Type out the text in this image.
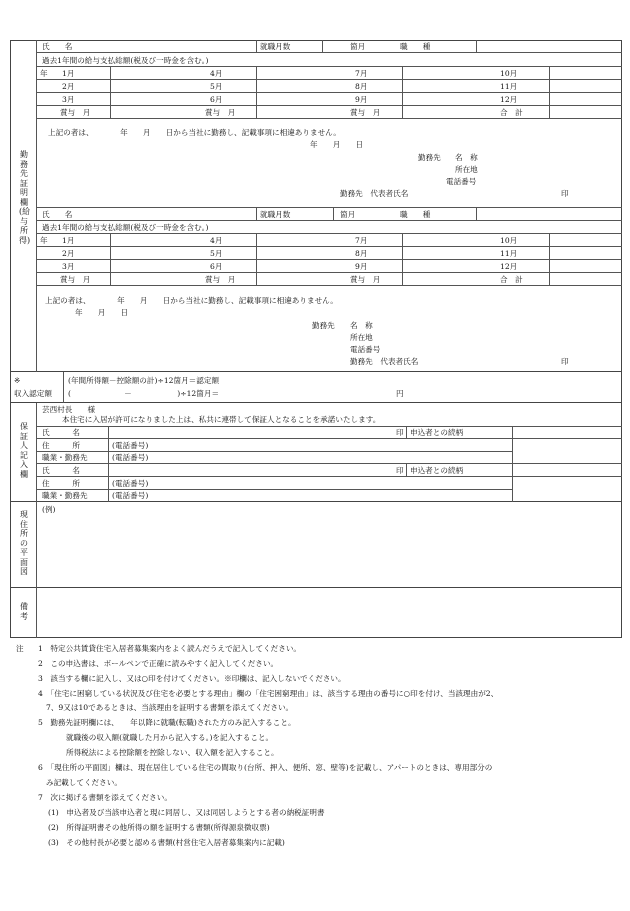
勤務先証明欄(給与所得)
氏　　名	就職月数	箇月	職　　種
過去1年間の給与支払総額(税及び一時金を含む。)
年 1月	4月	7月	10月
2月	5月	8月	11月
3月	6月	9月	12月
賞与　月	賞与　月	賞与　月	合　計
上記の者は、　　　　年　　月　　日から当社に勤務し、記載事項に相違ありません。
年　　月　　日
勤務先 名　称
所在地
電話番号
勤務先　代表者氏名	印
氏　　名	就職月数	箇月	職　　種
過去1年間の給与支払総額(税及び一時金を含む。)
年 1月	4月	7月	10月
2月	5月	8月	11月
3月	6月	9月	12月
賞与　月	賞与　月	賞与　月	合　計
上記の者は、　　　　年　　月　　日から当社に勤務し、記載事項に相違ありません。
年　　月　　日
勤務先 名　称
所在地
電話番号
勤務先　代表者氏名	印
※
収入認定額
(年間所得額－控除額の計)÷12箇月＝認定額
(　　　　　　　－　　　　　　)÷12箇月＝	円
保証人記入欄
芸西村長　　様
本住宅に入居が許可になりました上は、私共に連帯して保証人となることを承諾いたします。
氏　　　名	印 申込者との続柄
住　　　所	(電話番号)
職業・勤務先	(電話番号)
氏　　　名	印 申込者との続柄
住　　　所	(電話番号)
職業・勤務先	(電話番号)
現住所の平面図
(例)
備考
注 1　特定公共賃貸住宅入居者募集案内をよく読んだうえで記入してください。
2　この申込書は、ボールペンで正確に読みやすく記入してください。
3　該当する欄に記入し、又は○印を付けてください。※印欄は、記入しないでください。
4　「住宅に困窮している状況及び住宅を必要とする理由」欄の「住宅困窮理由」は、該当する理由の番号に○印を付け、当該理由が2、
7、9又は10であるときは、当該理由を証明する書類を添えてください。
5　勤務先証明欄には、　　年以降に就職(転職)された方のみ記入すること。
就職後の収入額(就職した月から記入する。)を記入すること。
所得税法による控除額を控除しない、収入額を記入すること。
6　「現住所の平面図」欄は、現在居住している住宅の間取り(台所、押入、便所、窓、壁等)を記載し、アパートのときは、専用部分の
み記載してください。
7　次に掲げる書類を添えてください。
(1)　申込者及び当該申込者と現に同居し、又は同居しようとする者の納税証明書
(2)　所得証明書その他所得の額を証明する書類(所得源泉徴収票)
(3)　その他村長が必要と認める書類(村営住宅入居者募集案内に記載)
